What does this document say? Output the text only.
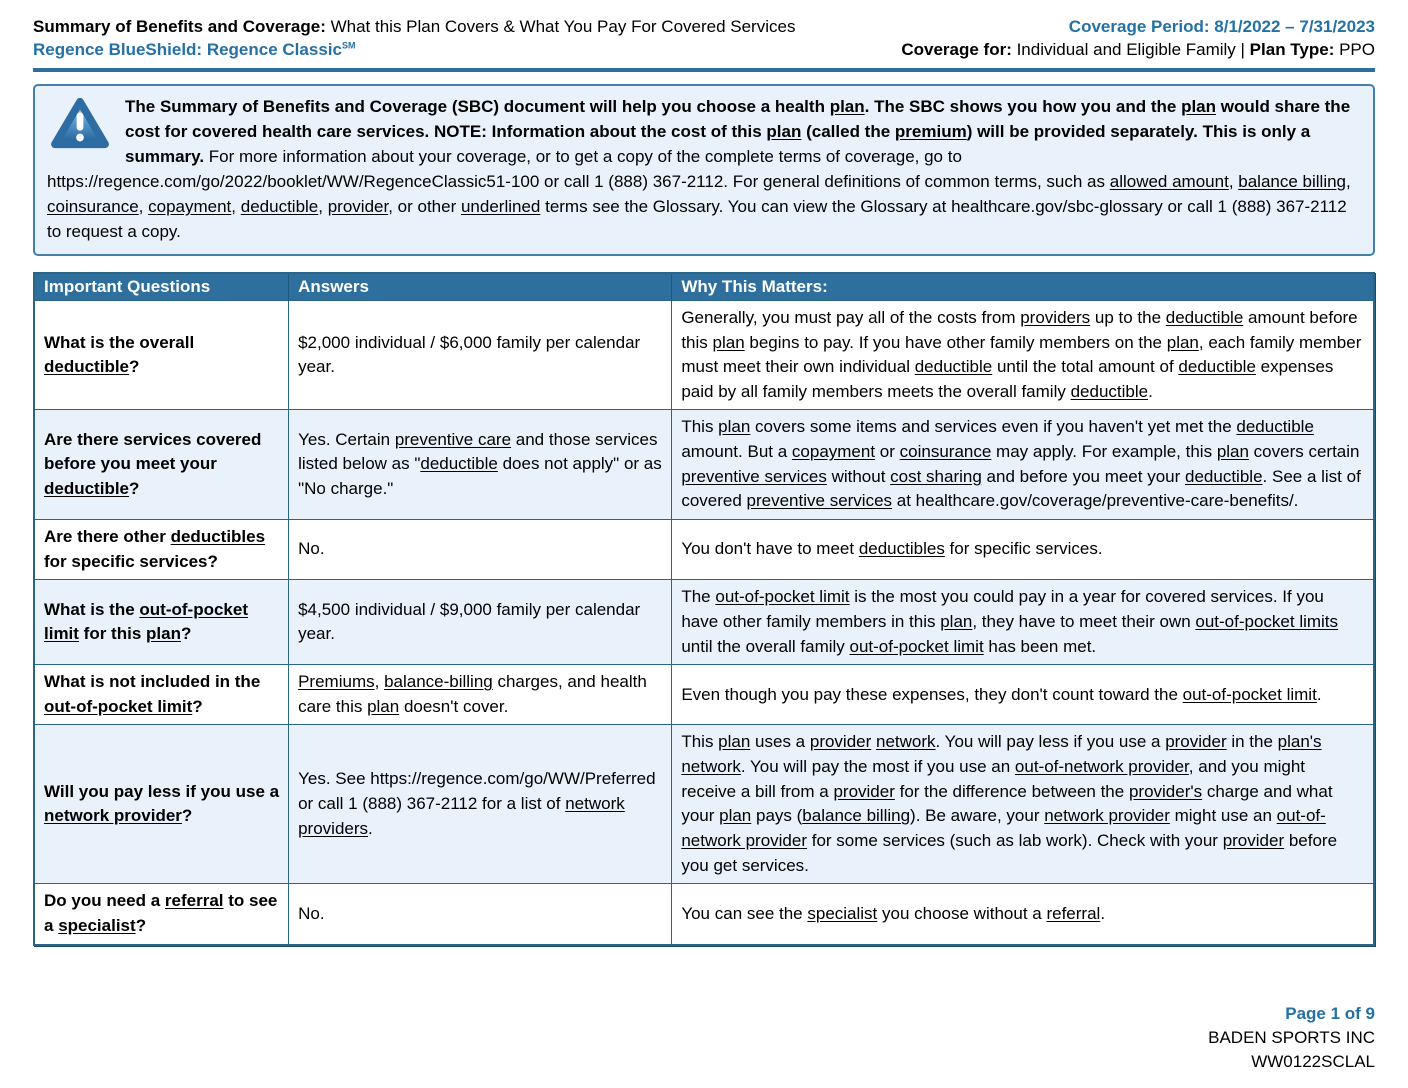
Summary of Benefits and Coverage: What this Plan Covers & What You Pay For Covered Services
Regence BlueShield: Regence Classic℠
Coverage Period: 8/1/2022 – 7/31/2023
Coverage for: Individual and Eligible Family | Plan Type: PPO
The Summary of Benefits and Coverage (SBC) document will help you choose a health plan. The SBC shows you how you and the plan would share the cost for covered health care services. NOTE: Information about the cost of this plan (called the premium) will be provided separately. This is only a summary. For more information about your coverage, or to get a copy of the complete terms of coverage, go to https://regence.com/go/2022/booklet/WW/RegenceClassic51-100 or call 1 (888) 367-2112. For general definitions of common terms, such as allowed amount, balance billing, coinsurance, copayment, deductible, provider, or other underlined terms see the Glossary. You can view the Glossary at healthcare.gov/sbc-glossary or call 1 (888) 367-2112 to request a copy.
Important Questions	Answers	Why This Matters:
What is the overall deductible?	$2,000 individual / $6,000 family per calendar year.	Generally, you must pay all of the costs from providers up to the deductible amount before this plan begins to pay. If you have other family members on the plan, each family member must meet their own individual deductible until the total amount of deductible expenses paid by all family members meets the overall family deductible.
Are there services covered before you meet your deductible?	Yes. Certain preventive care and those services listed below as "deductible does not apply" or as "No charge."	This plan covers some items and services even if you haven't yet met the deductible amount. But a copayment or coinsurance may apply. For example, this plan covers certain preventive services without cost sharing and before you meet your deductible. See a list of covered preventive services at healthcare.gov/coverage/preventive-care-benefits/.
Are there other deductibles for specific services?	No.	You don't have to meet deductibles for specific services.
What is the out-of-pocket limit for this plan?	$4,500 individual / $9,000 family per calendar year.	The out-of-pocket limit is the most you could pay in a year for covered services. If you have other family members in this plan, they have to meet their own out-of-pocket limits until the overall family out-of-pocket limit has been met.
What is not included in the out-of-pocket limit?	Premiums, balance-billing charges, and health care this plan doesn't cover.	Even though you pay these expenses, they don't count toward the out-of-pocket limit.
Will you pay less if you use a network provider?	Yes. See https://regence.com/go/WW/Preferred or call 1 (888) 367-2112 for a list of network providers.	This plan uses a provider network. You will pay less if you use a provider in the plan's network. You will pay the most if you use an out-of-network provider, and you might receive a bill from a provider for the difference between the provider's charge and what your plan pays (balance billing). Be aware, your network provider might use an out-of-network provider for some services (such as lab work). Check with your provider before you get services.
Do you need a referral to see a specialist?	No.	You can see the specialist you choose without a referral.
Page 1 of 9
BADEN SPORTS INC
WW0122SCLAL
